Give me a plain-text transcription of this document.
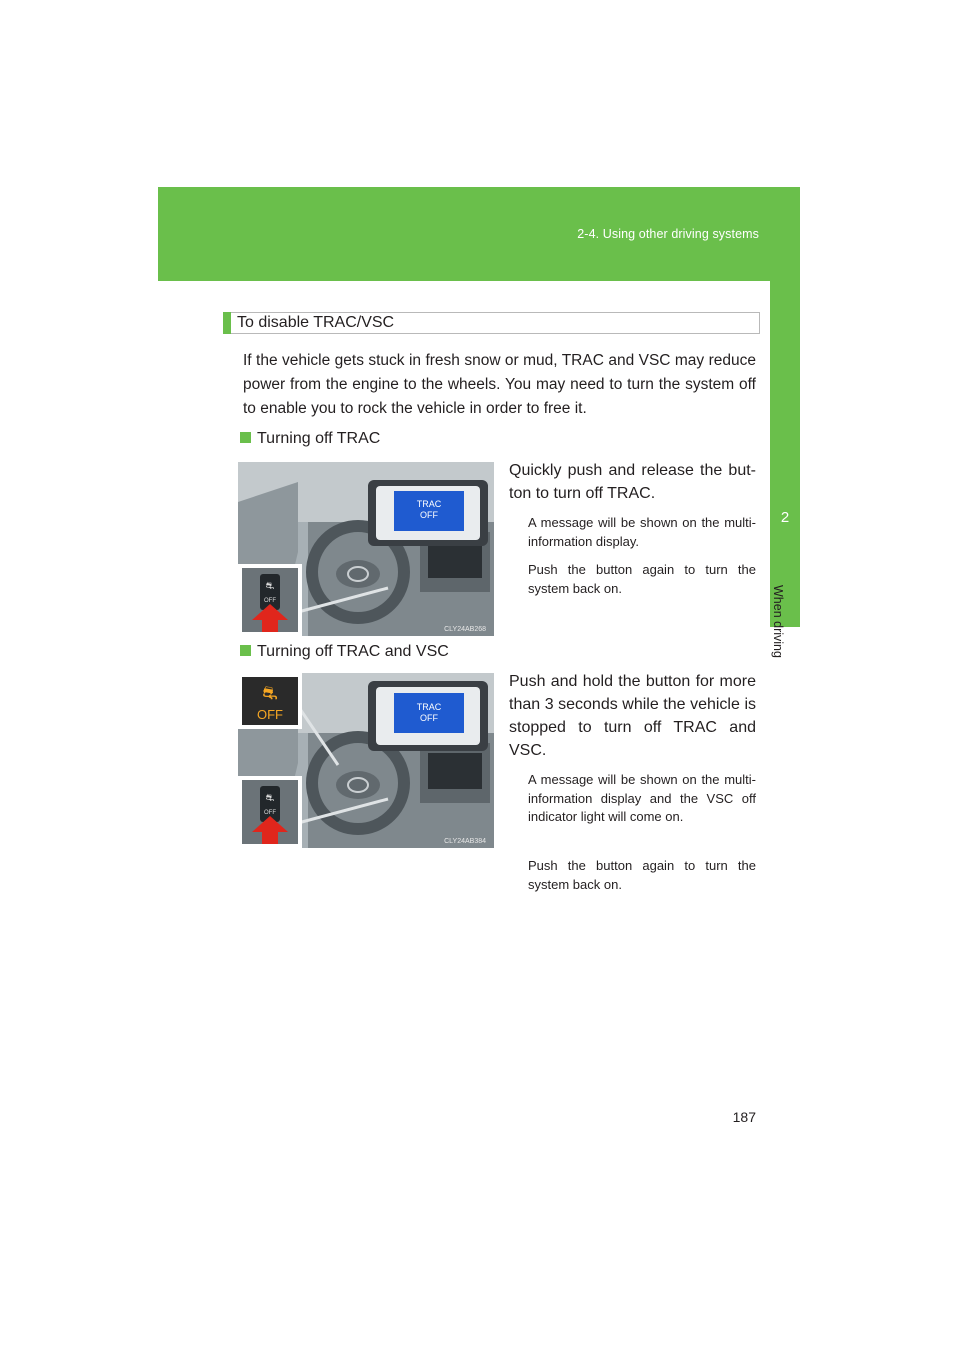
2-4. Using other driving systems
2
When driving
To disable TRAC/VSC

If the vehicle gets stuck in fresh snow or mud, TRAC and VSC may reduce power from the engine to the wheels. You may need to turn the system off to enable you to rock the vehicle in order to free it.

Turning off TRAC
TRAC
OFF
⛐
OFF
CLY24AB268

Quickly push and release the but-ton to turn off TRAC.

A message will be shown on the multi-information display.

Push the button again to turn the system back on.

Turning off TRAC and VSC
TRAC
OFF
⛐
OFF
⛐
OFF
CLY24AB384

Push and hold the button for more than 3 seconds while the vehicle is stopped to turn off TRAC and VSC.

A message will be shown on the multi-information display and the VSC off indicator light will come on.

Push the button again to turn the system back on.

187
